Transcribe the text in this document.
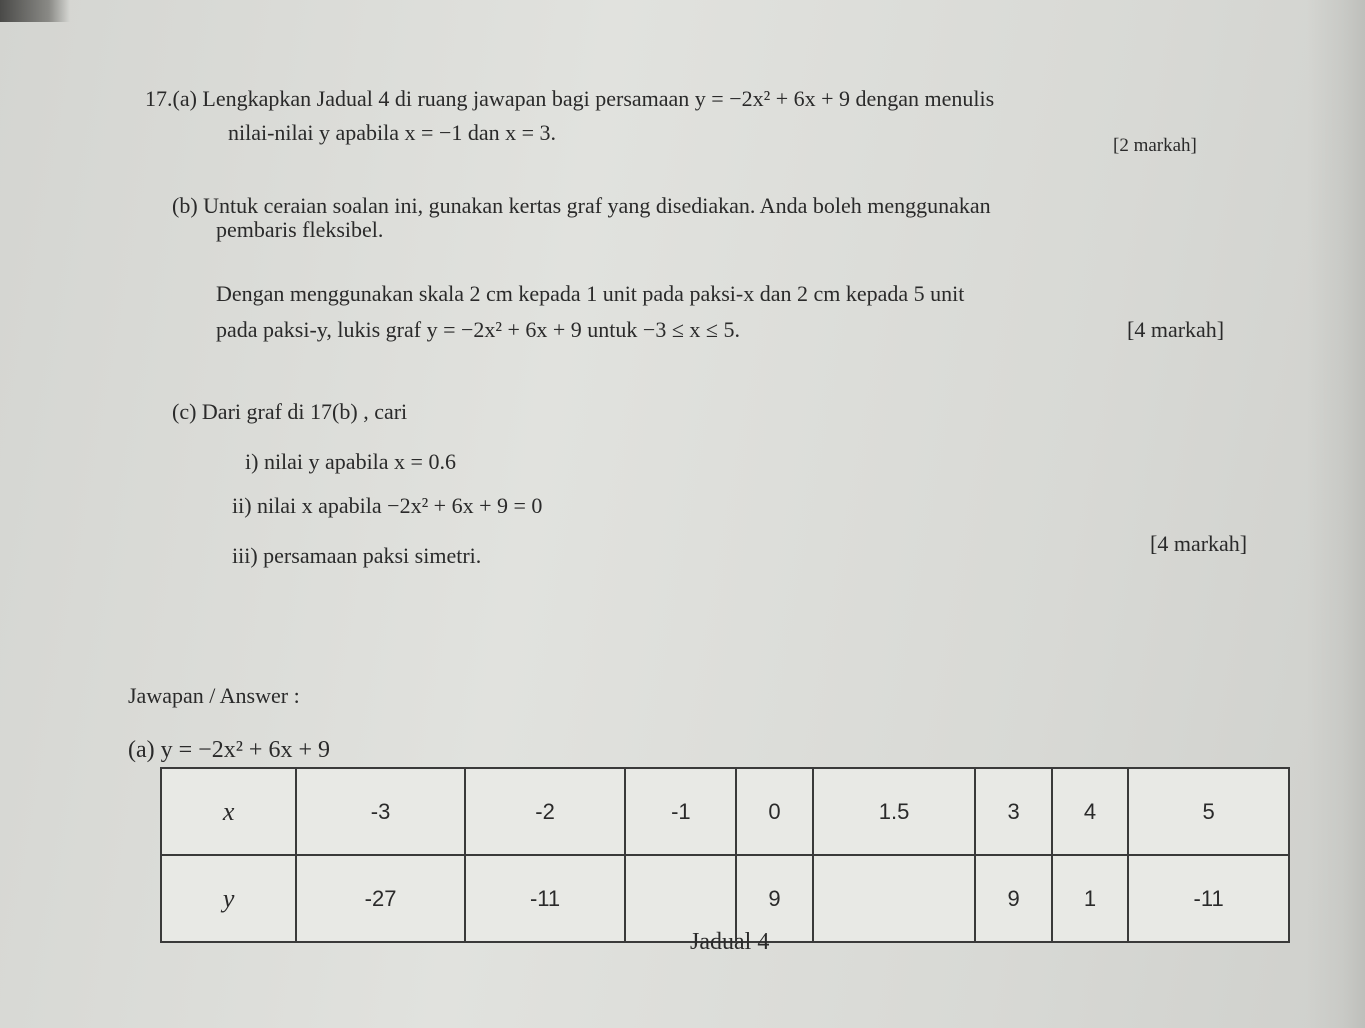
17.(a) Lengkapkan Jadual 4 di ruang jawapan bagi persamaan y = −2x² + 6x + 9 dengan menulis
nilai-nilai y apabila x = −1 dan x = 3.
[2 markah]
(b) Untuk ceraian soalan ini, gunakan kertas graf yang disediakan. Anda boleh menggunakan
pembaris fleksibel.
Dengan menggunakan skala 2 cm kepada 1 unit pada paksi-x dan 2 cm kepada 5 unit
pada paksi-y, lukis graf y = −2x² + 6x + 9 untuk −3 ≤ x ≤ 5.	[4 markah]
(c) Dari graf di 17(b) , cari
i) nilai y apabila x = 0.6
ii) nilai x apabila −2x² + 6x + 9 = 0
iii) persamaan paksi simetri.	[4 markah]
Jawapan / Answer :
(a) y = −2x² + 6x + 9
x	-3	-2	-1	0	1.5	3	4	5
y	-27	-11		9		9	1	-11
Jadual 4
